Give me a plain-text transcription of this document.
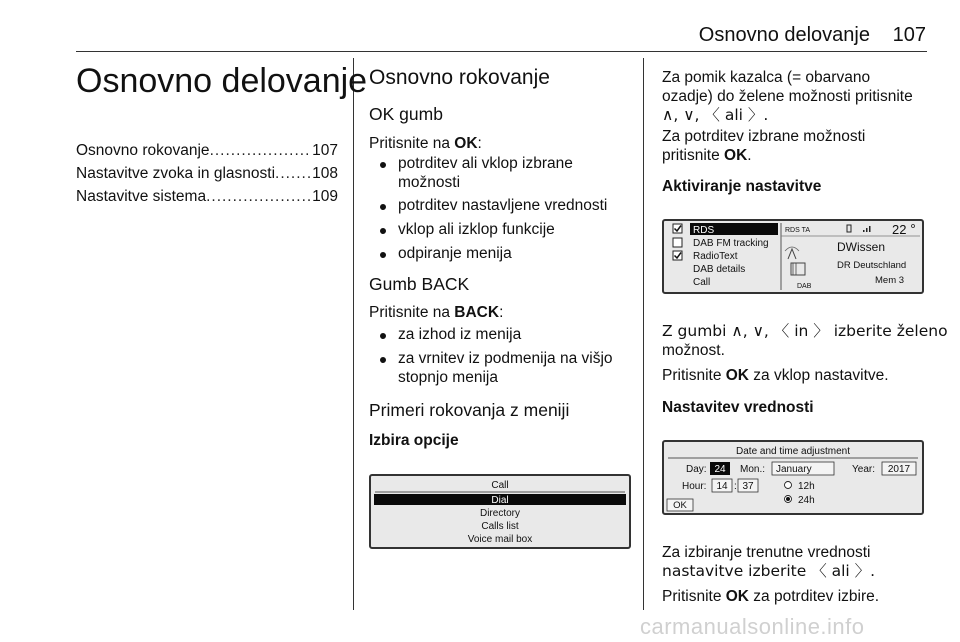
Osnovno delovanje	107
Osnovno delovanje
Osnovno rokovanje .....	107
Nastavitve zvoka in glasnosti ..... 108
Nastavitve sistema .....	109
Osnovno rokovanje
OK gumb
Pritisnite na OK:
potrditev ali vklop izbrane
možnosti
potrditev nastavljene vrednosti
vklop ali izklop funkcije
odpiranje menija
Gumb BACK
Pritisnite na BACK:
za izhod iz menija
za vrnitev iz podmenija na višjo
stopnjo menija
Primeri rokovanja z meniji
Izbira opcije
Call
Dial
Directory
Calls list
Voice mail box
Za pomik kazalca (= obarvano
ozadje) do želene možnosti pritisnite
∧, ∨, 〈 ali 〉.
Za potrditev izbrane možnosti
pritisnite OK.
Aktiviranje nastavitve
RDS
DAB FM tracking
RadioText
DAB details
Call
RDS TA	22
DWissen
DR Deutschland
Mem 3
DAB
Z gumbi ∧, ∨, 〈 in 〉 izberite želeno
možnost.
Pritisnite OK za vklop nastavitve.
Nastavitev vrednosti
Date and time adjustment
Day: 24 Mon.: January	Year: 2017
Hour: 14 : 37	12h
24h
OK
Za izbiranje trenutne vrednosti
nastavitve izberite 〈 ali 〉.
Pritisnite OK za potrditev izbire.
carmanualsonline.info
